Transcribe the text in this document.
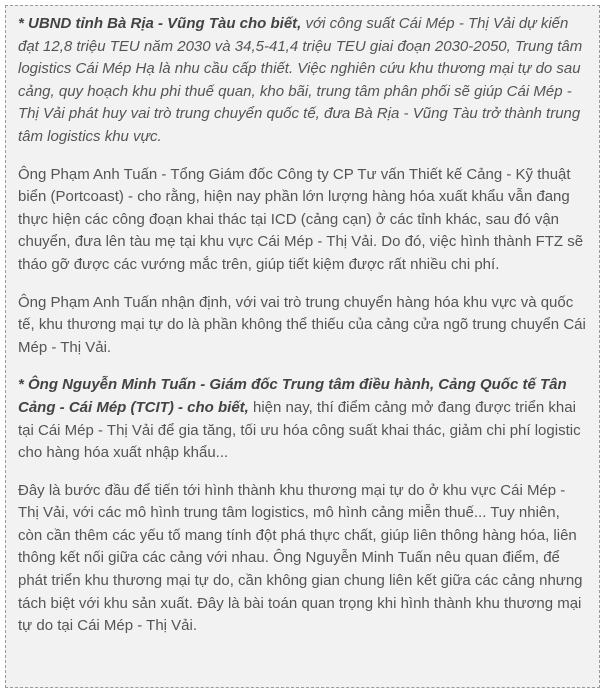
* UBND tỉnh Bà Rịa - Vũng Tàu cho biết, với công suất Cái Mép - Thị Vải dự kiến đạt 12,8 triệu TEU năm 2030 và 34,5-41,4 triệu TEU giai đoạn 2030-2050, Trung tâm logistics Cái Mép Hạ là nhu cầu cấp thiết. Việc nghiên cứu khu thương mại tự do sau cảng, quy hoạch khu phi thuế quan, kho bãi, trung tâm phân phối sẽ giúp Cái Mép - Thị Vải phát huy vai trò trung chuyển quốc tế, đưa Bà Rịa - Vũng Tàu trở thành trung tâm logistics khu vực.

Ông Phạm Anh Tuấn - Tổng Giám đốc Công ty CP Tư vấn Thiết kế Cảng - Kỹ thuật biển (Portcoast) - cho rằng, hiện nay phần lớn lượng hàng hóa xuất khẩu vẫn đang thực hiện các công đoạn khai thác tại ICD (cảng cạn) ở các tỉnh khác, sau đó vận chuyển, đưa lên tàu mẹ tại khu vực Cái Mép - Thị Vải. Do đó, việc hình thành FTZ sẽ tháo gỡ được các vướng mắc trên, giúp tiết kiệm được rất nhiều chi phí.

Ông Phạm Anh Tuấn nhận định, với vai trò trung chuyển hàng hóa khu vực và quốc tế, khu thương mại tự do là phần không thể thiếu của cảng cửa ngõ trung chuyển Cái Mép - Thị Vải.

* Ông Nguyễn Minh Tuấn - Giám đốc Trung tâm điều hành, Cảng Quốc tế Tân Cảng - Cái Mép (TCIT) - cho biết, hiện nay, thí điểm cảng mở đang được triển khai tại Cái Mép - Thị Vải để gia tăng, tối ưu hóa công suất khai thác, giảm chi phí logistic cho hàng hóa xuất nhập khẩu...

Đây là bước đầu để tiến tới hình thành khu thương mại tự do ở khu vực Cái Mép - Thị Vải, với các mô hình trung tâm logistics, mô hình cảng miễn thuế... Tuy nhiên, còn cần thêm các yếu tố mang tính đột phá thực chất, giúp liên thông hàng hóa, liên thông kết nối giữa các cảng với nhau. Ông Nguyễn Minh Tuấn nêu quan điểm, để phát triển khu thương mại tự do, cần không gian chung liên kết giữa các cảng nhưng tách biệt với khu sản xuất. Đây là bài toán quan trọng khi hình thành khu thương mại tự do tại Cái Mép - Thị Vải.
